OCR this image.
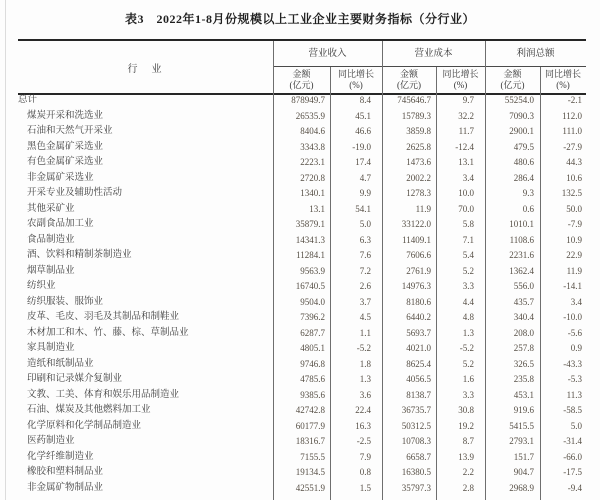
表3　2022年1-8月份规模以上工业企业主要财务指标（分行业）
行　业
营业收入	营业成本	利润总额
金额
(亿元)
同比增长
(%)
金额
(亿元)
同比增长
(%)
金额
(亿元)
同比增长
(%)
总计	878949.7	8.4	745646.7	9.7	55254.0	-2.1
煤炭开采和洗选业	26535.9	45.1	15789.3	32.2	7090.3	112.0
石油和天然气开采业	8404.6	46.6	3859.8	11.7	2900.1	111.0
黑色金属矿采选业	3343.8	-19.0	2625.8	-12.4	479.5	-27.9
有色金属矿采选业	2223.1	17.4	1473.6	13.1	480.6	44.3
非金属矿采选业	2720.8	4.7	2002.2	3.4	286.4	10.6
开采专业及辅助性活动	1340.1	9.9	1278.3	10.0	9.3	132.5
其他采矿业	13.1	54.1	11.9	70.0	0.6	50.0
农副食品加工业	35879.1	5.0	33122.0	5.8	1010.1	-7.9
食品制造业	14341.3	6.3	11409.1	7.1	1108.6	10.9
酒、饮料和精制茶制造业	11284.1	7.6	7606.6	5.4	2231.6	22.9
烟草制品业	9563.9	7.2	2761.9	5.2	1362.4	11.9
纺织业	16740.5	2.6	14976.3	3.3	556.0	-14.1
纺织服装、服饰业	9504.0	3.7	8180.6	4.4	435.7	3.4
皮革、毛皮、羽毛及其制品和制鞋业	7396.2	4.5	6440.2	4.8	340.4	-10.0
木材加工和木、竹、藤、棕、草制品业	6287.7	1.1	5693.7	1.3	208.0	-5.6
家具制造业	4805.1	-5.2	4021.0	-5.2	257.8	0.9
造纸和纸制品业	9746.8	1.8	8625.4	5.2	326.5	-43.3
印刷和记录媒介复制业	4785.6	1.3	4056.5	1.6	235.8	-5.3
文教、工美、体育和娱乐用品制造业	9385.6	3.6	8138.7	3.3	453.1	11.3
石油、煤炭及其他燃料加工业	42742.8	22.4	36735.7	30.8	919.6	-58.5
化学原料和化学制品制造业	60177.9	16.3	50312.5	19.2	5415.5	5.0
医药制造业	18316.7	-2.5	10708.3	8.7	2793.1	-31.4
化学纤维制造业	7155.5	7.9	6658.7	13.9	151.7	-66.0
橡胶和塑料制品业	19134.5	0.8	16380.5	2.2	904.7	-17.5
非金属矿物制品业	42551.9	1.5	35797.3	2.8	2968.9	-9.4
